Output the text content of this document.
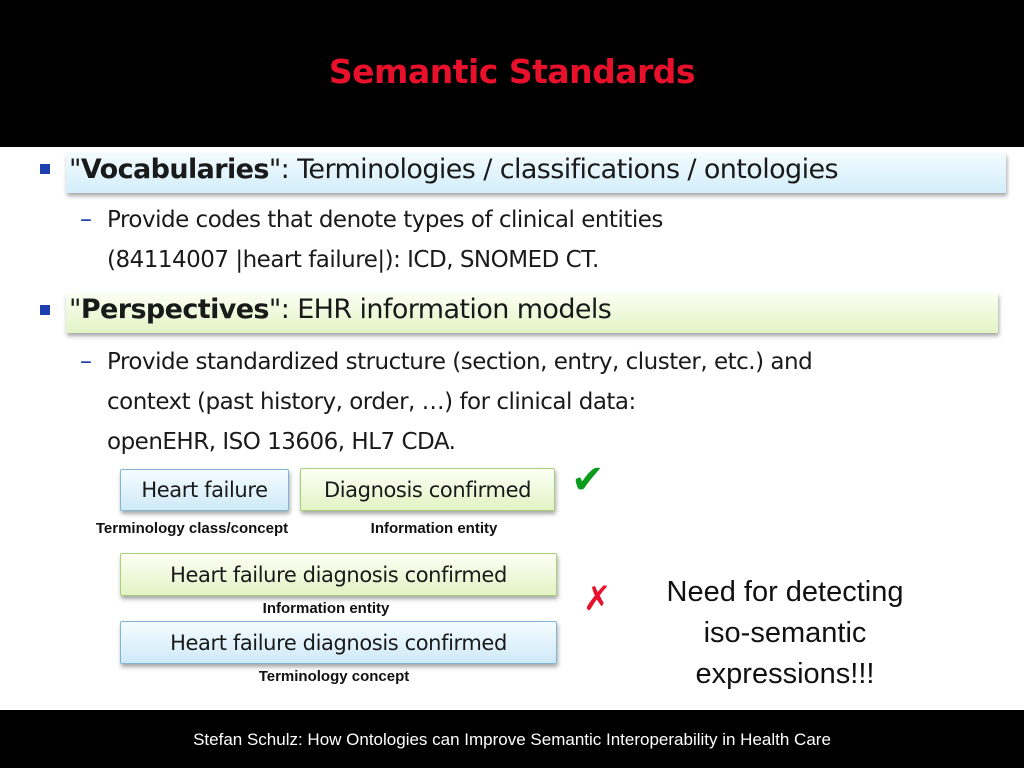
Semantic Standards
"Vocabularies": Terminologies / classifications / ontologies
– Provide codes that denote types of clinical entities
(84114007 |heart failure|): ICD, SNOMED CT.
"Perspectives": EHR information models
– Provide standardized structure (section, entry, cluster, etc.) and
context (past history, order, …) for clinical data:
openEHR, ISO 13606, HL7 CDA.
Heart failure	Diagnosis confirmed ✔
Terminology class/concept	Information entity
Heart failure diagnosis confirmed
Information entity
Heart failure diagnosis confirmed
Terminology concept
✗	Need for detecting
iso-semantic
expressions!!!
Stefan Schulz: How Ontologies can Improve Semantic Interoperability in Health Care
